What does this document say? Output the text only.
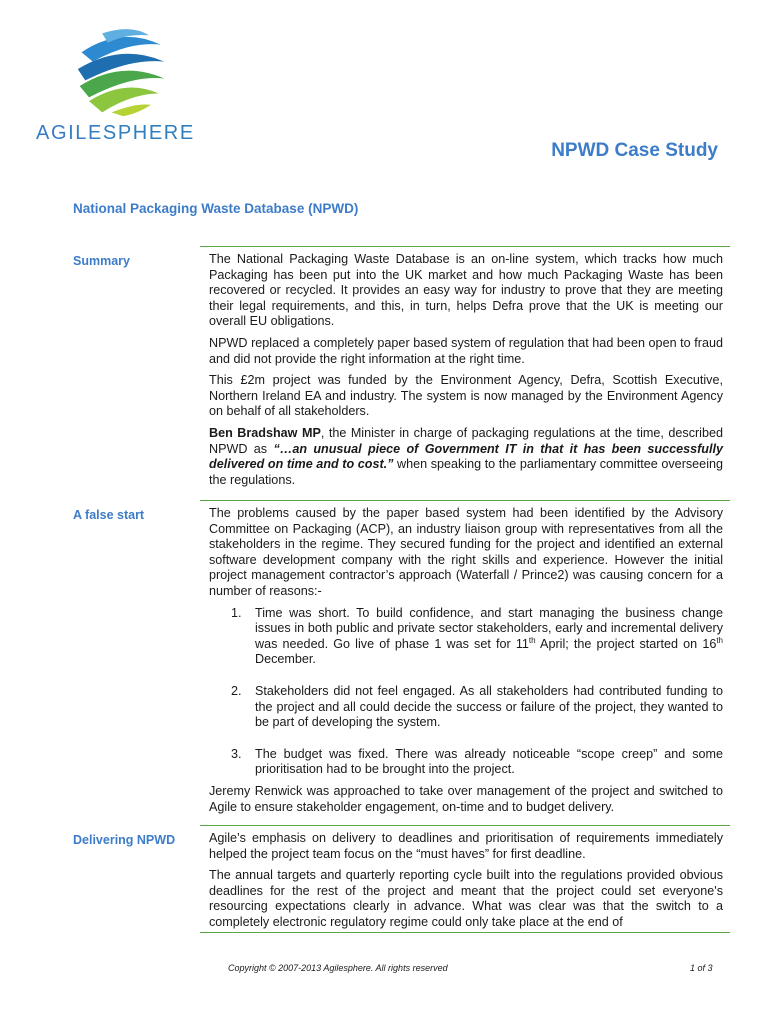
AGILESPHERE
NPWD Case Study
National Packaging Waste Database (NPWD)
Summary	The National Packaging Waste Database is an on-line system, which tracks how much Packaging has been put into the UK market and how much Packaging Waste has been recovered or recycled. It provides an easy way for industry to prove that they are meeting their legal requirements, and this, in turn, helps Defra prove that the UK is meeting our overall EU obligations.

NPWD replaced a completely paper based system of regulation that had been open to fraud and did not provide the right information at the right time.

This £2m project was funded by the Environment Agency, Defra, Scottish Executive, Northern Ireland EA and industry. The system is now managed by the Environment Agency on behalf of all stakeholders.

Ben Bradshaw MP, the Minister in charge of packaging regulations at the time, described NPWD as “…an unusual piece of Government IT in that it has been successfully delivered on time and to cost.” when speaking to the parliamentary committee overseeing the regulations.

A false start	The problems caused by the paper based system had been identified by the Advisory Committee on Packaging (ACP), an industry liaison group with representatives from all the stakeholders in the regime. They secured funding for the project and identified an external software development company with the right skills and experience. However the initial project management contractor’s approach (Waterfall / Prince2) was causing concern for a number of reasons:-

1. Time was short. To build confidence, and start managing the business change issues in both public and private sector stakeholders, early and incremental delivery was needed. Go live of phase 1 was set for 11th April; the project started on 16th December.

2. Stakeholders did not feel engaged. As all stakeholders had contributed funding to the project and all could decide the success or failure of the project, they wanted to be part of developing the system.

3. The budget was fixed. There was already noticeable “scope creep” and some prioritisation had to be brought into the project.

Jeremy Renwick was approached to take over management of the project and switched to Agile to ensure stakeholder engagement, on-time and to budget delivery.

Delivering NPWD	Agile’s emphasis on delivery to deadlines and prioritisation of requirements immediately helped the project team focus on the “must haves” for first deadline.

The annual targets and quarterly reporting cycle built into the regulations provided obvious deadlines for the rest of the project and meant that the project could set everyone's resourcing expectations clearly in advance. What was clear was that the switch to a completely electronic regulatory regime could only take place at the end of

Copyright © 2007-2013 Agilesphere. All rights reserved	1 of 3
